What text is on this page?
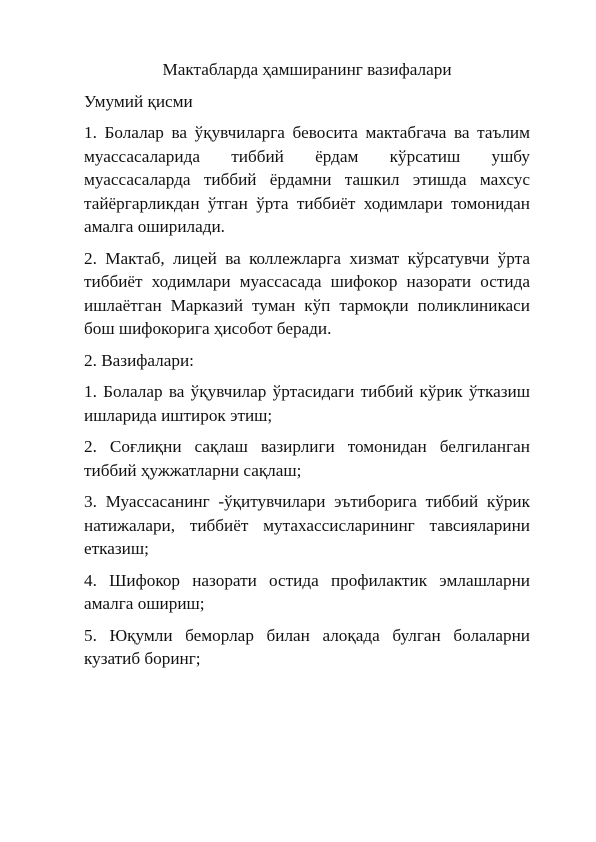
Мактабларда ҳамширанинг вазифалари
Умумий қисми
1. Болалар ва ўқувчиларга бевосита мактабгача ва таълим муассасаларида тиббий ёрдам кўрсатиш ушбу муассасаларда тиббий ёрдамни ташкил этишда махсус тайёргарликдан ўтган ўрта тиббиёт ходимлари томонидан амалга оширилади.
2. Мактаб, лицей ва коллежларга хизмат кўрсатувчи ўрта тиббиёт ходимлари муассасада шифокор назорати остида ишлаётган Марказий туман кўп тармоқли поликлиникаси бош шифокорига ҳисобот беради.
2. Вазифалари:
1. Болалар ва ўқувчилар ўртасидаги тиббий кўрик ўтказиш ишларида иштирок этиш;
2. Соғлиқни сақлаш вазирлиги томонидан белгиланган тиббий ҳужжатларни сақлаш;
3. Муассасанинг -ўқитувчилари эътиборига тиббий кўрик натижалари, тиббиёт мутахассисларининг тавсияларини етказиш;
4. Шифокор назорати остида профилактик эмлашларни амалга ошириш;
5. Юқумли беморлар билан алоқада булган болаларни кузатиб боринг;
